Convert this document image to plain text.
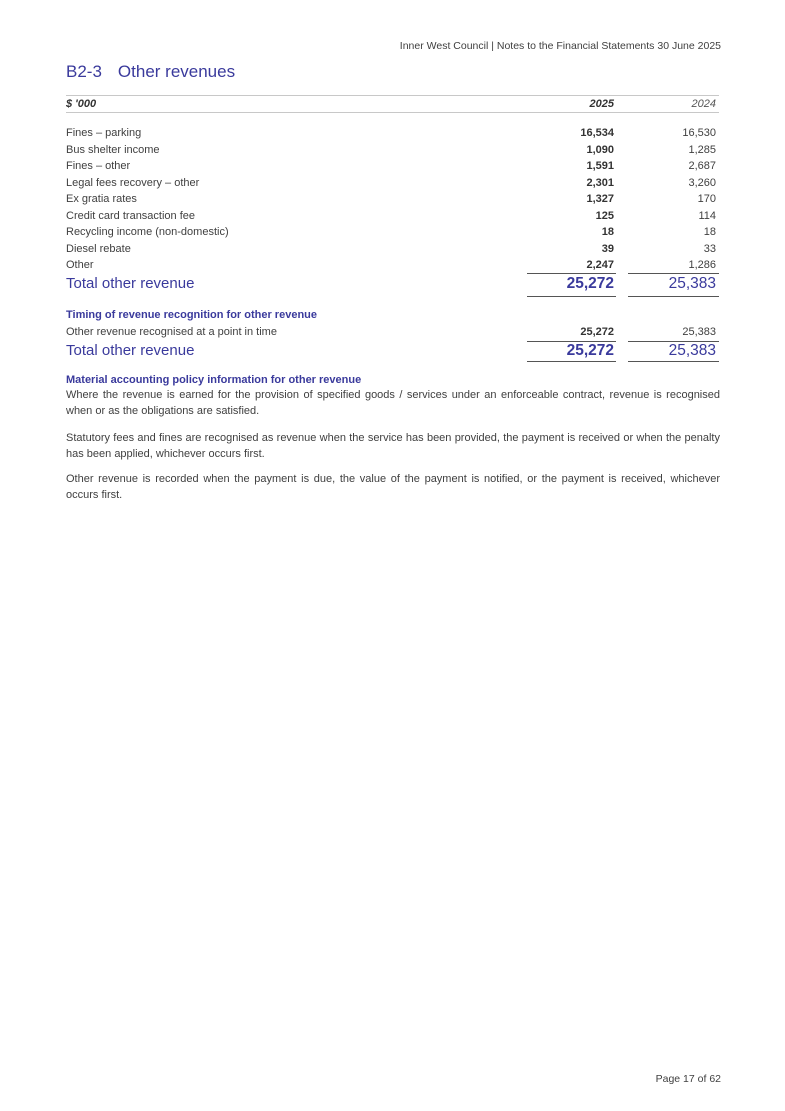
Inner West Council | Notes to the Financial Statements 30 June 2025
B2-3 Other revenues
$ '000	2025	2024
Fines – parking	16,534	16,530
Bus shelter income	1,090	1,285
Fines – other	1,591	2,687
Legal fees recovery – other	2,301	3,260
Ex gratia rates	1,327	170
Credit card transaction fee	125	114
Recycling income (non-domestic)	18	18
Diesel rebate	39	33
Other	2,247	1,286
Total other revenue	25,272	25,383
Timing of revenue recognition for other revenue
Other revenue recognised at a point in time	25,272	25,383
Total other revenue	25,272	25,383
Material accounting policy information for other revenue

Where the revenue is earned for the provision of specified goods / services under an enforceable contract, revenue is recognised when or as the obligations are satisfied.

Statutory fees and fines are recognised as revenue when the service has been provided, the payment is received or when the penalty has been applied, whichever occurs first.

Other revenue is recorded when the payment is due, the value of the payment is notified, or the payment is received, whichever occurs first.

Page 17 of 62
